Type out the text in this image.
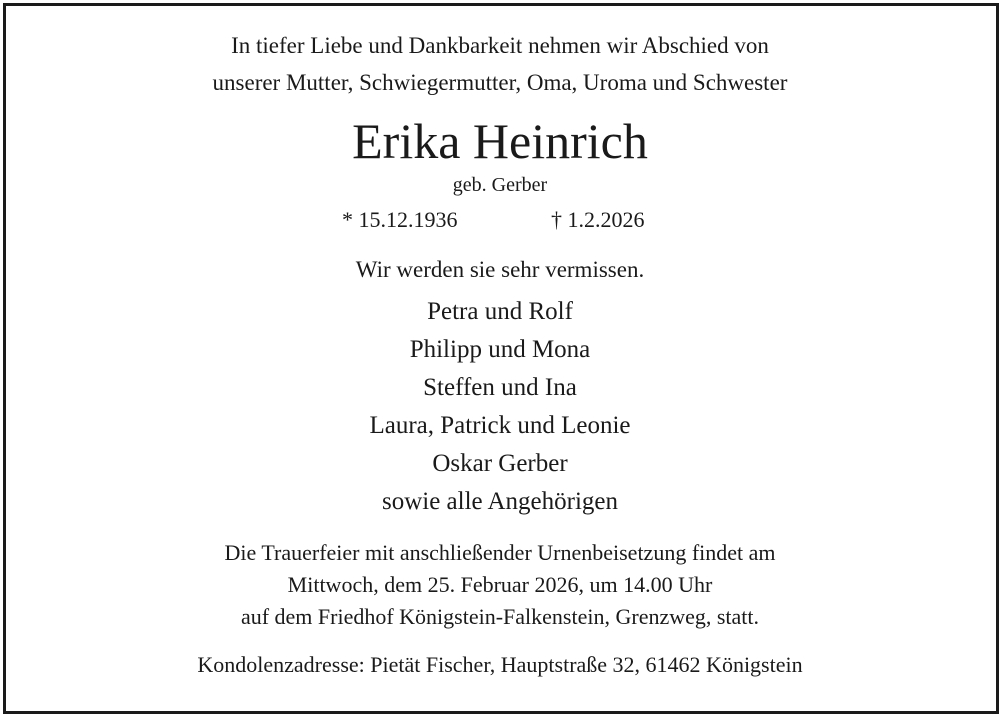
In tiefer Liebe und Dankbarkeit nehmen wir Abschied von
unserer Mutter, Schwiegermutter, Oma, Uroma und Schwester
Erika Heinrich
geb. Gerber
* 15.12.1936	† 1.2.2026
Wir werden sie sehr vermissen.
Petra und Rolf
Philipp und Mona
Steffen und Ina
Laura, Patrick und Leonie
Oskar Gerber
sowie alle Angehörigen
Die Trauerfeier mit anschließender Urnenbeisetzung findet am
Mittwoch, dem 25. Februar 2026, um 14.00 Uhr
auf dem Friedhof Königstein-Falkenstein, Grenzweg, statt.
Kondolenzadresse: Pietät Fischer, Hauptstraße 32, 61462 Königstein
